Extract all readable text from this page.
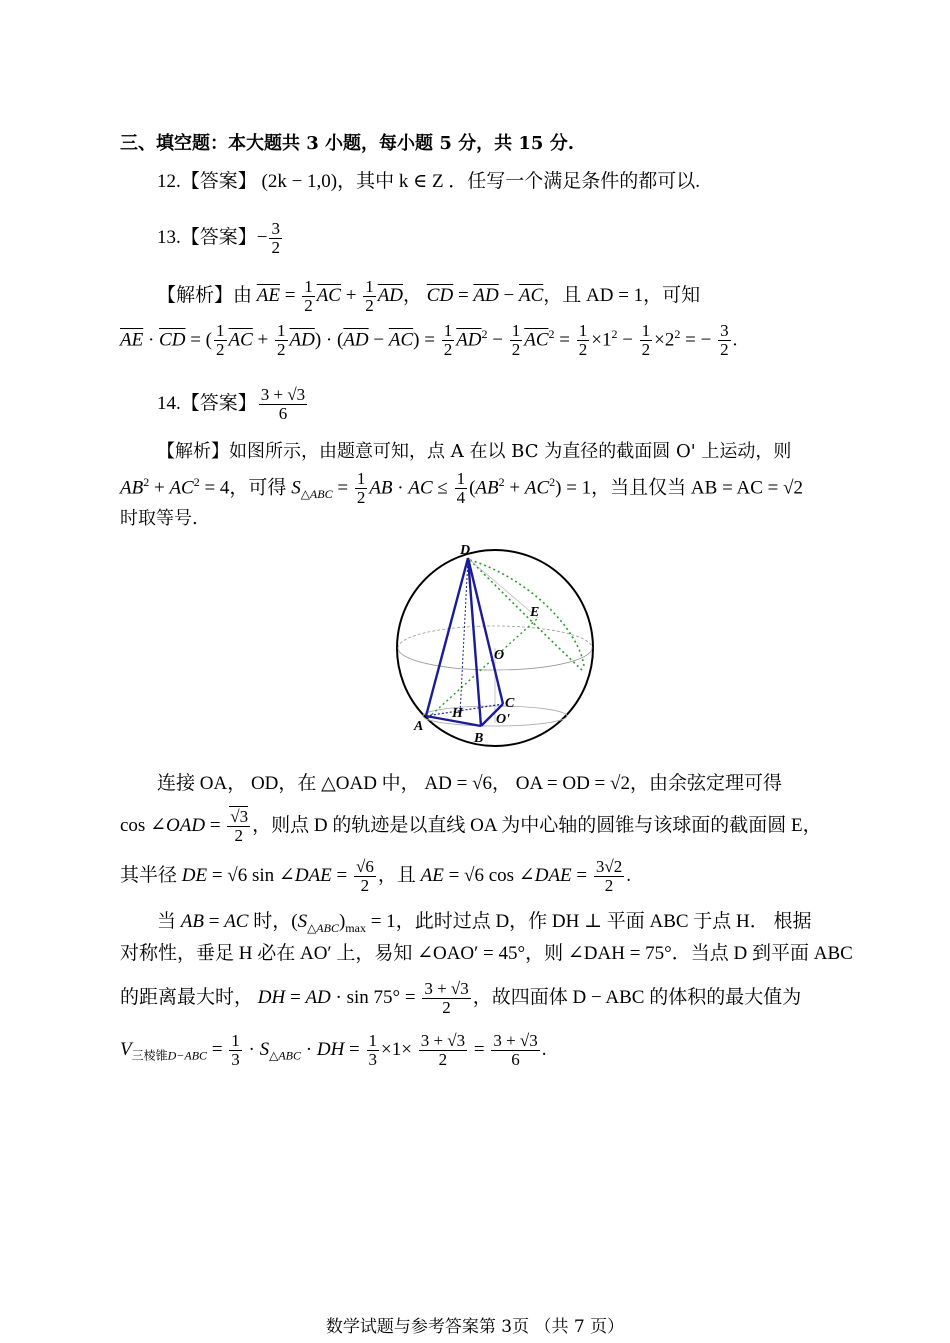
三、填空题：本大题共 3 小题，每小题 5 分，共 15 分.
12.【答案】 (2k − 1,0)，其中 k ∈ Z ．任写一个满足条件的都可以.
13.【答案】− $\frac{3}{2}$
【解析】由 $\overline{AE} = \frac{1}{2} \overline{AC} + \frac{1}{2} \overline{AD}$， $\overline{CD} = \overline{AD} - \overline{AC}$，且 AD = 1，可知
$\overline{AE} \cdot \overline{CD}$ = ( $\frac{1}{2} \overline{AC} + \frac{1}{2} \overline{AD}) \cdot (\overline{AD} - \overline{AC}) = \frac{1}{2} \overline{AD}^2 - \frac{1}{2} \overline{AC}^2 = \frac{1}{2} \times 1^2 - \frac{1}{2} \times 2^2$ = − $\frac{3}{2}$ .
14.【答案】 $\frac{3 + √3}{6}$
【解析】如图所示，由题意可知，点 A 在以 BC 为直径的截面圆 O' 上运动，则
$AB^2 + AC^2 = 4$，可得 $S_{\triangle ABC} = \frac{1}{2}$ AB · AC ≤ $\frac{1}{4} (AB^2 + AC^2) = 1$，当且仅当 AB = AC = √2
时取等号.
D
E
O
C
H O'
A
B
连接 OA， OD，在 △OAD 中， AD = √6， OA = OD = √2，由余弦定理可得
cos ∠OAD = $\frac{√3}{2}$ ，则点 D 的轨迹是以直线 OA 为中心轴的圆锥与该球面的截面圆 E，
其半径 DE = √6 sin ∠DAE = $\frac{√6}{2}$ ，且 AE = √6 cos ∠DAE = $\frac{3√2}{2}$ .
当 AB = AC 时，$(S_{\triangle ABC})_{max} = 1$，此时过点 D，作 DH ⊥ 平面 ABC 于点 H． 根据
对称性，垂足 H 必在 AO′ 上，易知 ∠OAO′ = 45°，则 ∠DAH = 75°．当点 D 到平面 ABC
的距离最大时， DH = AD · $\sin 75^\circ = \frac{3 + √3}{2}$ ，故四面体 D − ABC 的体积的最大值为
$V_{三棱锥D-ABC} = \frac{1}{3} \cdot S_{\triangle ABC}$ · DH = $\frac{1}{3} \times 1\times \frac{3 + √3}{2} = \frac{3 + √3}{6}$ .
数学试题与参考答案第 3页 （共 7 页）
